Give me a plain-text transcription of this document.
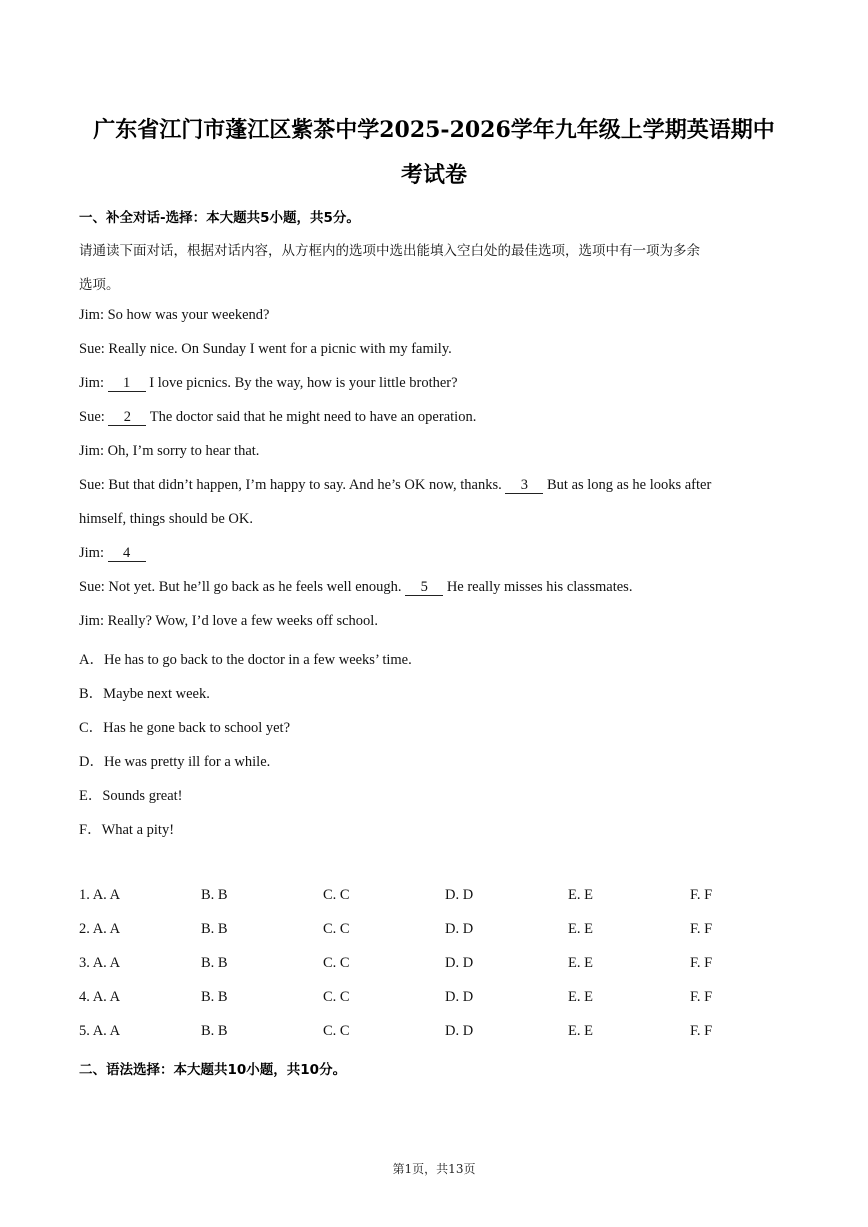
广东省江门市蓬江区紫茶中学2025-2026学年九年级上学期英语期中
考试卷
一、补全对话-选择：本大题共5小题，共5分。
请通读下面对话，根据对话内容，从方框内的选项中选出能填入空白处的最佳选项，选项中有一项为多余
选项。
Jim: So how was your weekend?
Sue: Really nice. On Sunday I went for a picnic with my family.
Jim: 1 I love picnics. By the way, how is your little brother?
Sue: 2 The doctor said that he might need to have an operation.
Jim: Oh, I’m sorry to hear that.
Sue: But that didn’t happen, I’m happy to say. And he’s OK now, thanks. 3 But as long as he looks after
himself, things should be OK.
Jim: 4
Sue: Not yet. But he’ll go back as he feels well enough. 5 He really misses his classmates.
Jim: Really? Wow, I’d love a few weeks off school.
A．He has to go back to the doctor in a few weeks’ time.
B．Maybe next week.
C．Has he gone back to school yet?
D．He was pretty ill for a while.
E．Sounds great!
F．What a pity!
1. A. A	B. B	C. C	D. D	E. E	F. F
2. A. A	B. B	C. C	D. D	E. E	F. F
3. A. A	B. B	C. C	D. D	E. E	F. F
4. A. A	B. B	C. C	D. D	E. E	F. F
5. A. A	B. B	C. C	D. D	E. E	F. F
二、语法选择：本大题共10小题，共10分。
第1页，共13页
